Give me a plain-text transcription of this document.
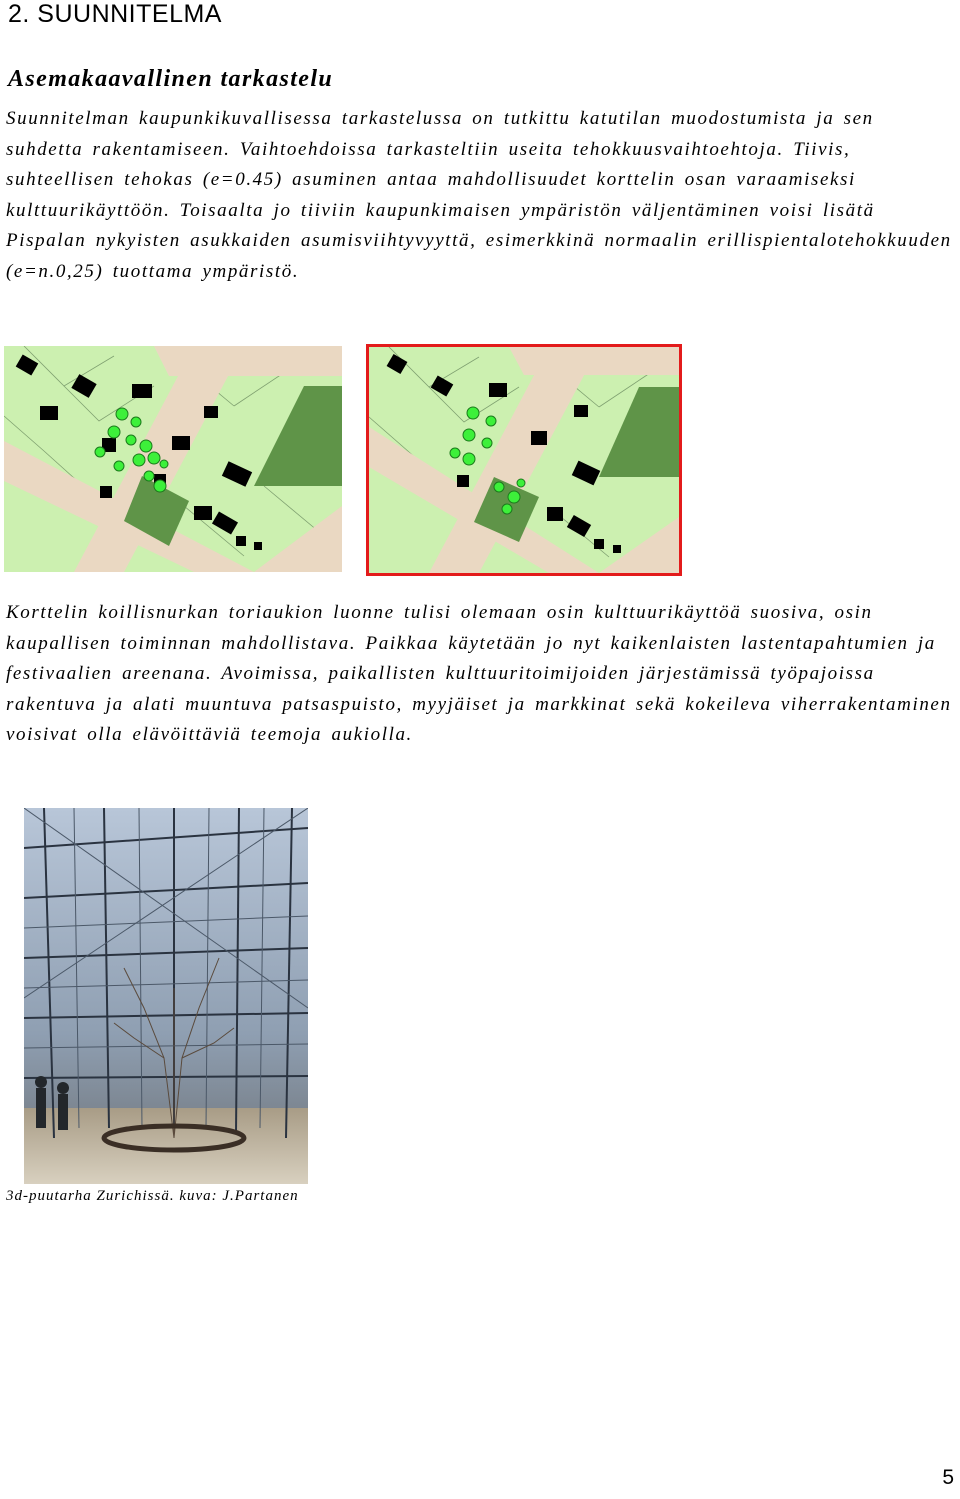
2. SUUNNITELMA
Asemakaavallinen tarkastelu

Suunnitelman kaupunkikuvallisessa tarkastelussa on tutkittu katutilan muodostumista ja sen suhdetta rakentamiseen. Vaihtoehdoissa tarkasteltiin useita tehokkuusvaihtoehtoja. Tiivis, suhteellisen tehokas (e=0.45) asuminen antaa mahdollisuudet korttelin osan varaamiseksi kulttuurikäyttöön. Toisaalta jo tiiviin kaupunkimaisen ympäristön väljentäminen voisi lisätä Pispalan nykyisten asukkaiden asumisviihtyvyyttä, esimerkkinä normaalin erillispientalotehokkuuden (e=n.0,25) tuottama ympäristö.

Korttelin koillisnurkan toriaukion luonne tulisi olemaan osin kulttuurikäyttöä suosiva, osin kaupallisen toiminnan mahdollistava. Paikkaa käytetään jo nyt kaikenlaisten lastentapahtumien ja festivaalien areenana. Avoimissa, paikallisten kulttuuritoimijoiden järjestämissä työpajoissa rakentuva ja alati muuntuva patsaspuisto, myyjäiset ja markkinat sekä kokeileva viherrakentaminen voisivat olla elävöittäviä teemoja aukiolla.

3d-puutarha Zurichissä. kuva: J.Partanen
5
